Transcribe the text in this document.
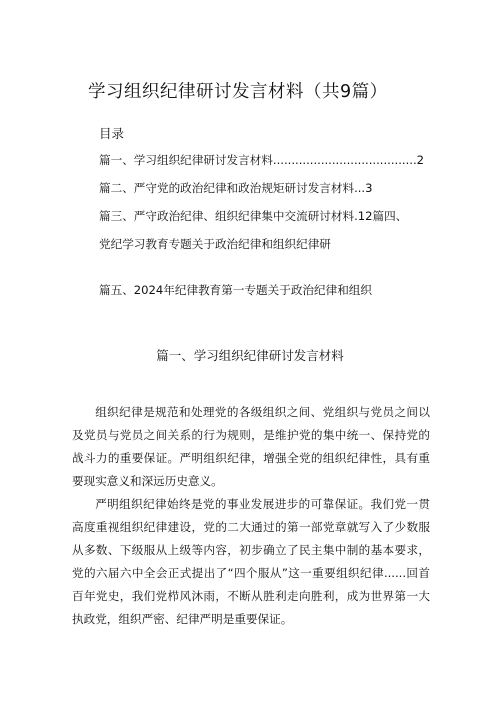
学习组织纪律研讨发言材料（共9篇）
目录
篇一、学习组织纪律研讨发言材料.......................................2
篇二、严守党的政治纪律和政治规矩研讨发言材料...3
篇三、严守政治纪律、组织纪律集中交流研讨材料.12篇四、
党纪学习教育专题关于政治纪律和组织纪律研
篇五、2024年纪律教育第一专题关于政治纪律和组织
篇一、学习组织纪律研讨发言材料

组织纪律是规范和处理党的各级组织之间、党组织与党员之间以及党员与党员之间关系的行为规则，是维护党的集中统一、保持党的战斗力的重要保证。严明组织纪律，增强全党的组织纪律性，具有重要现实意义和深远历史意义。

严明组织纪律始终是党的事业发展进步的可靠保证。我们党一贯高度重视组织纪律建设，党的二大通过的第一部党章就写入了少数服从多数、下级服从上级等内容，初步确立了民主集中制的基本要求，党的六届六中全会正式提出了“四个服从”这一重要组织纪律......回首百年党史，我们党栉风沐雨，不断从胜利走向胜利，成为世界第一大执政党，组织严密、纪律严明是重要保证。
